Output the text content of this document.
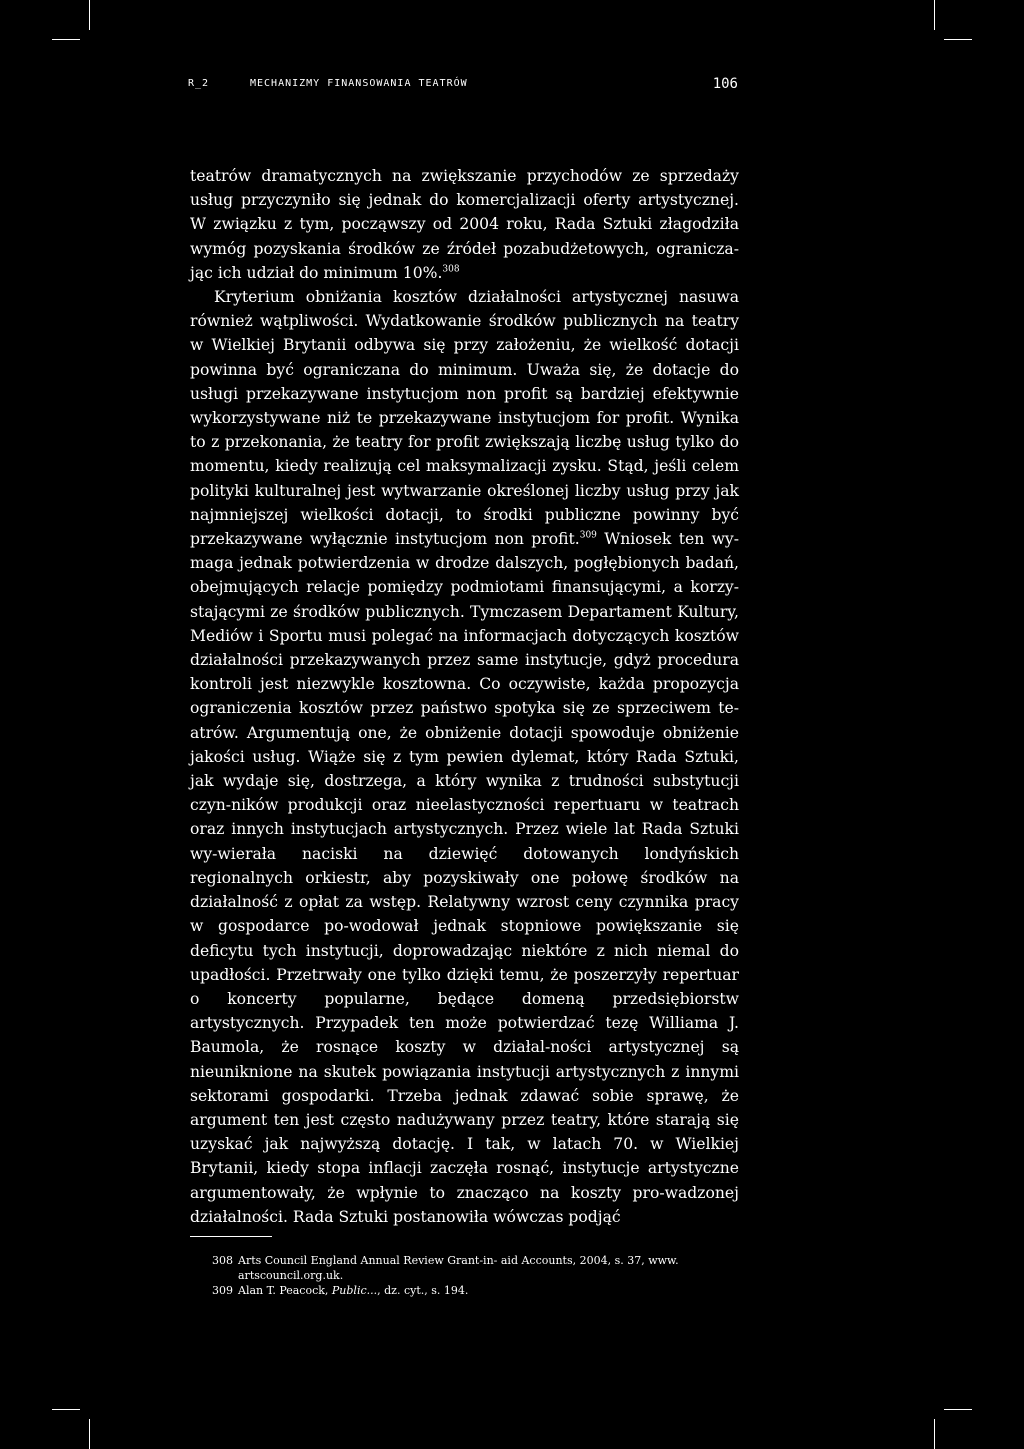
R_2	MECHANIZMY FINANSOWANIA TEATRÓW	106

teatrów dramatycznych na zwiększanie przychodów ze sprzedaży usług przyczyniło się jednak do komercjalizacji oferty artystycznej. W związku z tym, począwszy od 2004 roku, Rada Sztuki złagodziła wymóg pozyskania środków ze źródeł pozabudżetowych, ogranicza-jąc ich udział do minimum 10%.$^{308}$

Kryterium obniżania kosztów działalności artystycznej nasuwa również wątpliwości. Wydatkowanie środków publicznych na teatry w Wielkiej Brytanii odbywa się przy założeniu, że wielkość dotacji powinna być ograniczana do minimum. Uważa się, że dotacje do usługi przekazywane instytucjom non profit są bardziej efektywnie wykorzystywane niż te przekazywane instytucjom for profit. Wynika to z przekonania, że teatry for profit zwiększają liczbę usług tylko do momentu, kiedy realizują cel maksymalizacji zysku. Stąd, jeśli celem polityki kulturalnej jest wytwarzanie określonej liczby usług przy jak najmniejszej wielkości dotacji, to środki publiczne powinny być przekazywane wyłącznie instytucjom non profit.$^{309}$ Wniosek ten wy-maga jednak potwierdzenia w drodze dalszych, pogłębionych badań, obejmujących relacje pomiędzy podmiotami finansującymi, a korzy-stającymi ze środków publicznych. Tymczasem Departament Kultury, Mediów i Sportu musi polegać na informacjach dotyczących kosztów działalności przekazywanych przez same instytucje, gdyż procedura kontroli jest niezwykle kosztowna. Co oczywiste, każda propozycja ograniczenia kosztów przez państwo spotyka się ze sprzeciwem te-atrów. Argumentują one, że obniżenie dotacji spowoduje obniżenie jakości usług. Wiąże się z tym pewien dylemat, który Rada Sztuki, jak wydaje się, dostrzega, a który wynika z trudności substytucji czyn-ników produkcji oraz nieelastyczności repertuaru w teatrach oraz innych instytucjach artystycznych. Przez wiele lat Rada Sztuki wy-wierała naciski na dziewięć dotowanych londyńskich regionalnych orkiestr, aby pozyskiwały one połowę środków na działalność z opłat za wstęp. Relatywny wzrost ceny czynnika pracy w gospodarce po-wodował jednak stopniowe powiększanie się deficytu tych instytucji, doprowadzając niektóre z nich niemal do upadłości. Przetrwały one tylko dzięki temu, że poszerzyły repertuar o koncerty popularne, będące domeną przedsiębiorstw artystycznych. Przypadek ten może potwierdzać tezę Williama J. Baumola, że rosnące koszty w działal-ności artystycznej są nieuniknione na skutek powiązania instytucji artystycznych z innymi sektorami gospodarki. Trzeba jednak zdawać sobie sprawę, że argument ten jest często nadużywany przez teatry, które starają się uzyskać jak najwyższą dotację. I tak, w latach 70. w Wielkiej Brytanii, kiedy stopa inflacji zaczęła rosnąć, instytucje artystyczne argumentowały, że wpłynie to znacząco na koszty pro-wadzonej działalności. Rada Sztuki postanowiła wówczas podjąć

308 Arts Council England Annual Review Grant-in- aid Accounts, 2004, s. 37, www. artscouncil.org.uk.
309 Alan T. Peacock, Public..., dz. cyt., s. 194.
